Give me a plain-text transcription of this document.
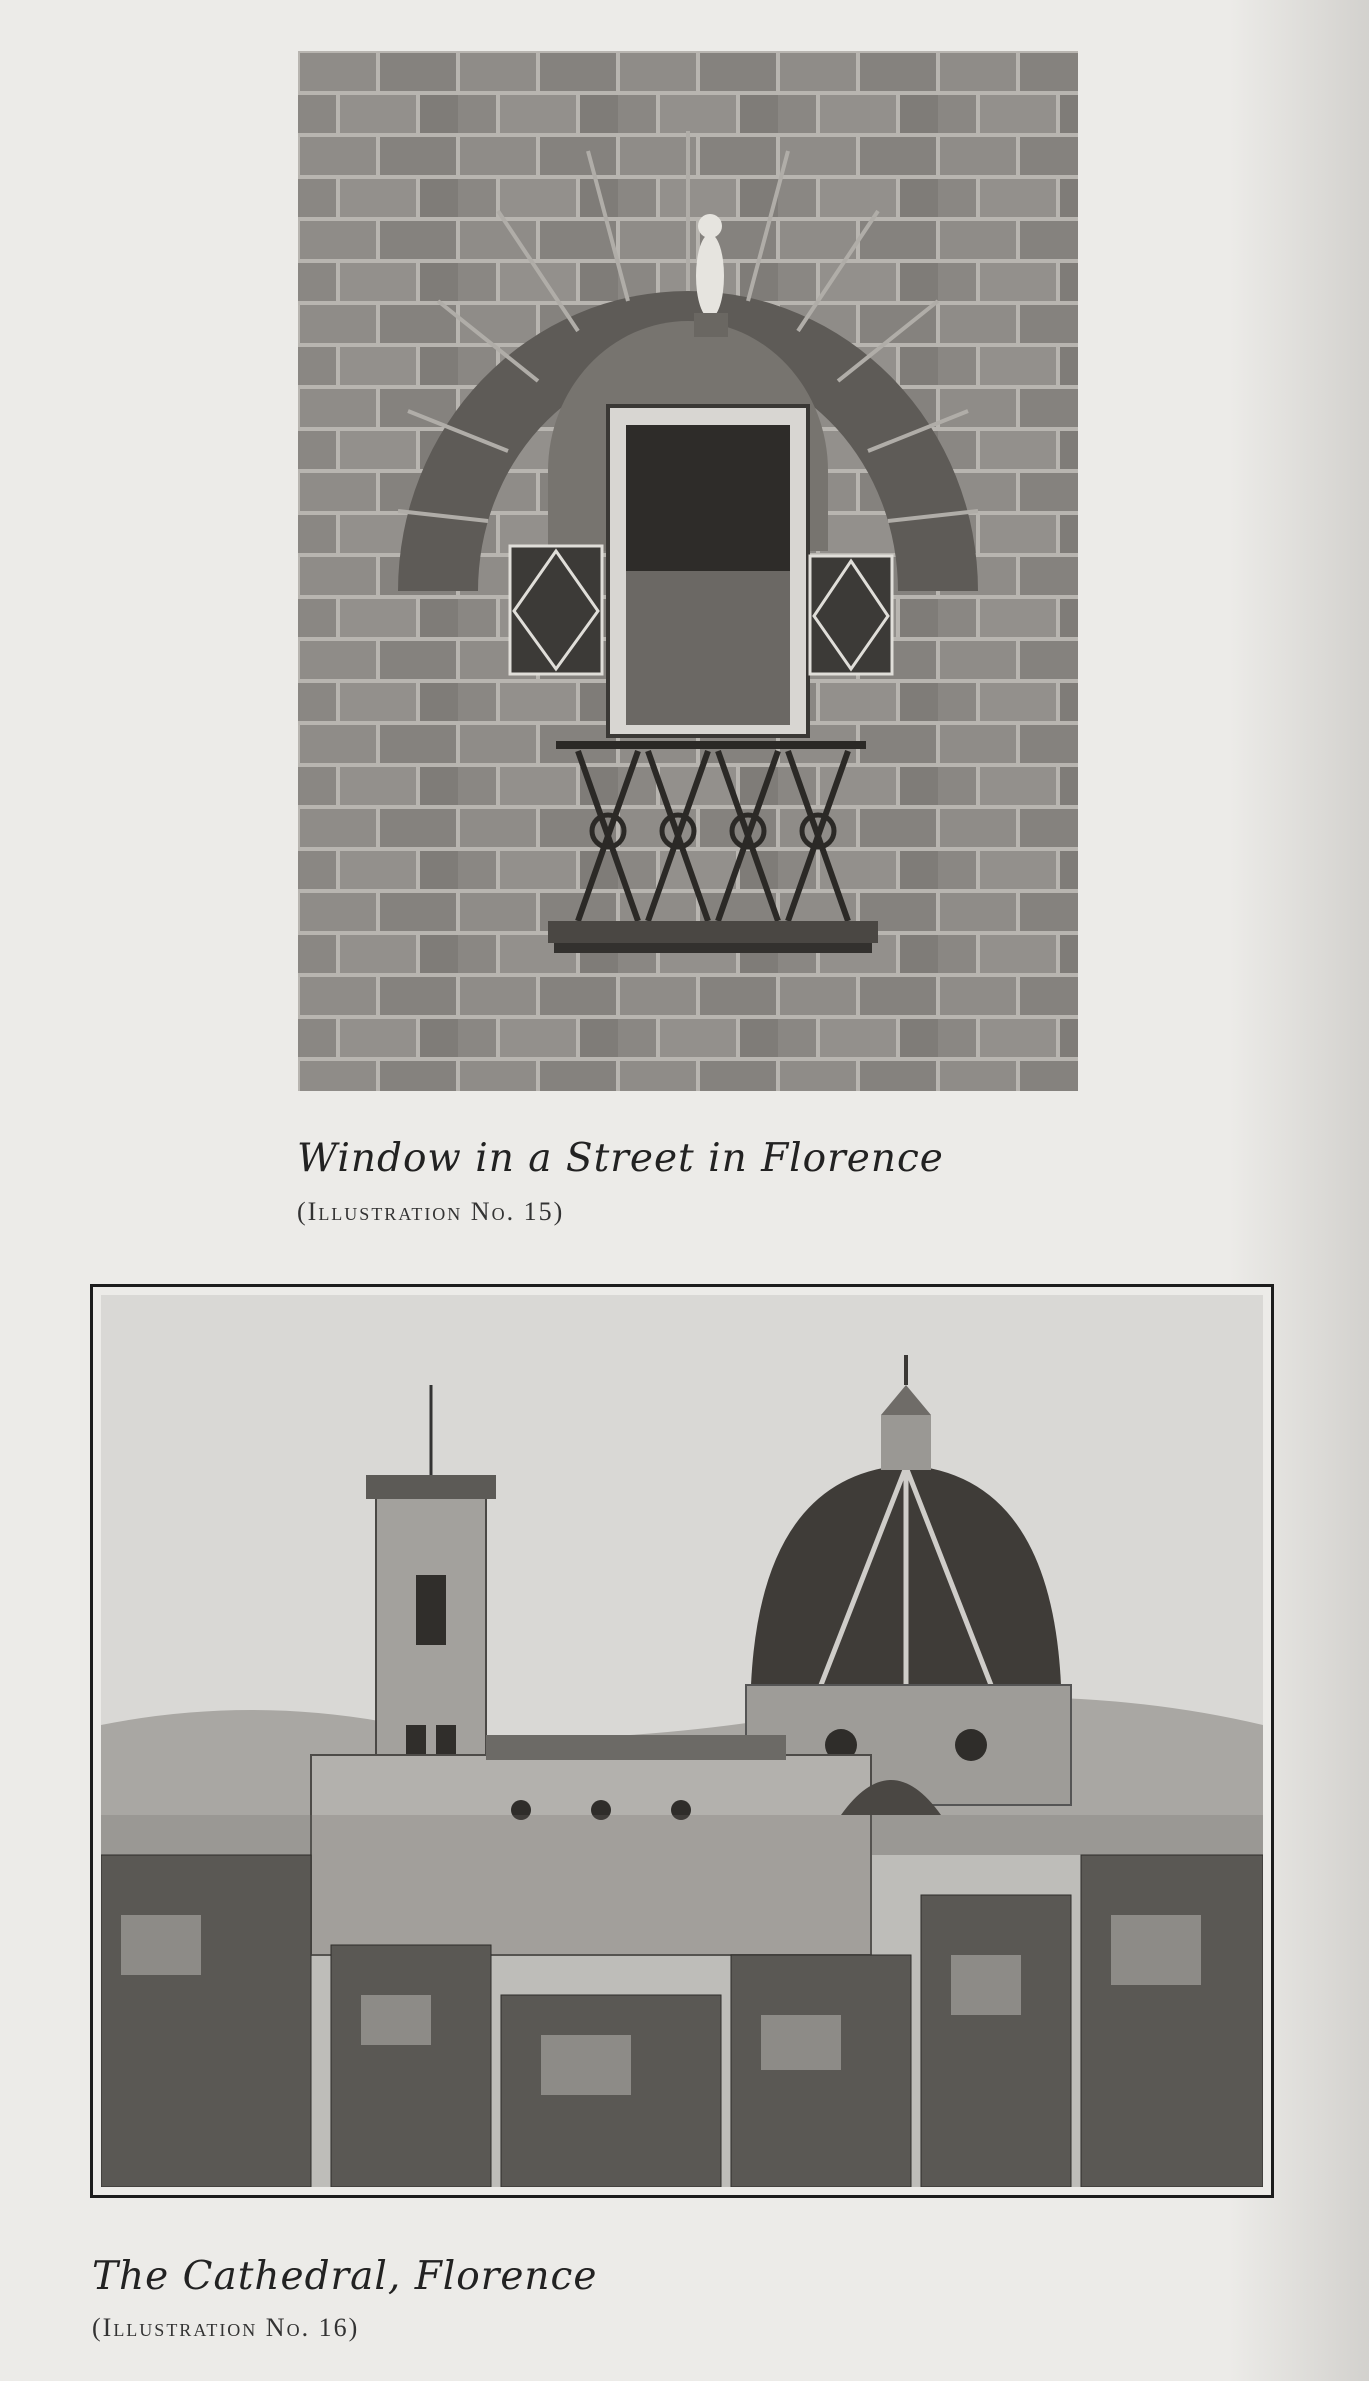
Window in a Street in Florence
(Illustration No. 15)
The Cathedral, Florence
(Illustration No. 16)
